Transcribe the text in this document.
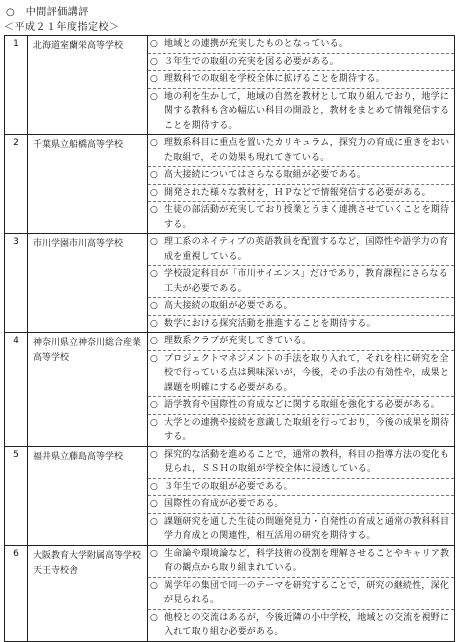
○　中間評価講評
＜平成２１年度指定校＞
1	北海道室蘭栄高等学校	○ 地域との連携が充実したものとなっている。
○ ３年生での取組の充実を図る必要がある。
○ 理数科での取組を学校全体に拡げることを期待する。
○ 地の利を生かして，地域の自然を教材として取り組んでおり，地学に関する教科も含め幅広い科目の開設と，教材をまとめて情報発信することを期待する。
2	千葉県立船橋高等学校	○ 理数系科目に重点を置いたカリキュラム，探究力の育成に重きをおいた取組で，その効果も現れてきている。
○ 高大接続についてはさらなる取組が必要である。
○ 開発された様々な教材を，ＨＰなどで情報発信する必要がある。
○ 生徒の部活動が充実しており授業とうまく連携させていくことを期待する。
3	市川学園市川高等学校	○ 理工系のネイティブの英語教員を配置するなど，国際性や語学力の育成を重視している。
○ 学校設定科目が「市川サイエンス」だけであり，教育課程にさらなる工夫が必要である。
○ 高大接続の取組が必要である。
○ 数学における探究活動を推進することを期待する。
4	神奈川県立神奈川総合産業高等学校
○ 理数系クラブが充実してきている。
○ プロジェクトマネジメントの手法を取り入れて，それを柱に研究を全校で行っている点は興味深いが，今後，その手法の有効性や，成果と課題を明確にする必要がある。
○ 語学教育や国際性の育成などに関する取組を強化する必要がある。
○ 大学との連携や接続を意識した取組を行っており，今後の成果を期待する。
5	福井県立藤島高等学校	○ 探究的な活動を進めることで，通常の教科，科目の指導方法の変化も見られ，ＳＳＨの取組が学校全体に浸透している。
○ ３年生での取組が必要である。
○ 国際性の育成が必要である。
○ 課題研究を通した生徒の問題発見力・自発性の育成と通常の教科科目学力育成との関連性，相互活用の研究を期待する。
6	大阪教育大学附属高等学校天王寺校舎
○ 生命論や環境論など，科学技術の役割を理解させることやキャリア教育の観点から取り組まれている。
○ 異学年の集団で同一のテーマを研究することで，研究の継続性，深化が見られる。
○ 他校との交流はあるが，今後近隣の小中学校，地域との交流を視野に入れて取り組む必要がある。
